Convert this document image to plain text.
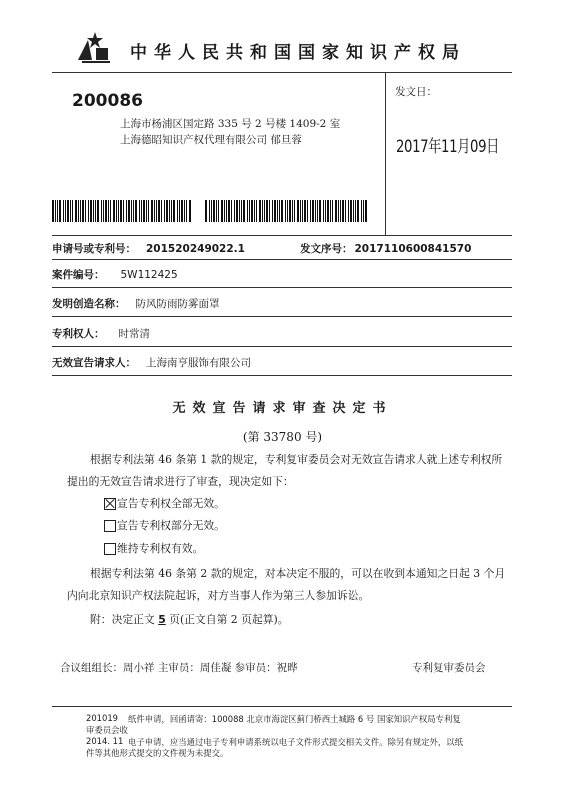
中华人民共和国国家知识产权局
200086
上海市杨浦区国定路 335 号 2 号楼 1409-2 室
上海德昭知识产权代理有限公司 郁旦蓉
发文日：
2017年11月09日
申请号或专利号： 201520249022.1	发文序号： 2017110600841570
案件编号： 5W112425
发明创造名称： 防风防雨防雾面罩
专利权人： 时常清
无效宣告请求人： 上海南亨服饰有限公司
无效宣告请求审查决定书
(第 33780 号)
根据专利法第 46 条第 1 款的规定，专利复审委员会对无效宣告请求人就上述专利权所
提出的无效宣告请求进行了审查，现决定如下：
宣告专利权全部无效。
宣告专利权部分无效。
维持专利权有效。
根据专利法第 46 条第 2 款的规定，对本决定不服的，可以在收到本通知之日起 3 个月
内向北京知识产权法院起诉，对方当事人作为第三人参加诉讼。
附：决定正文 5 页(正文自第 2 页起算)。
合议组组长：周小祥 主审员：周佳凝 参审员：祝晔	专利复审委员会
201019 纸件申请，回函请寄：100088 北京市海淀区蓟门桥西土城路 6 号 国家知识产权局专利复
审委员会收
2014. 11 电子申请，应当通过电子专利申请系统以电子文件形式提交相关文件。除另有规定外，以纸
件等其他形式提交的文件视为未提交。
